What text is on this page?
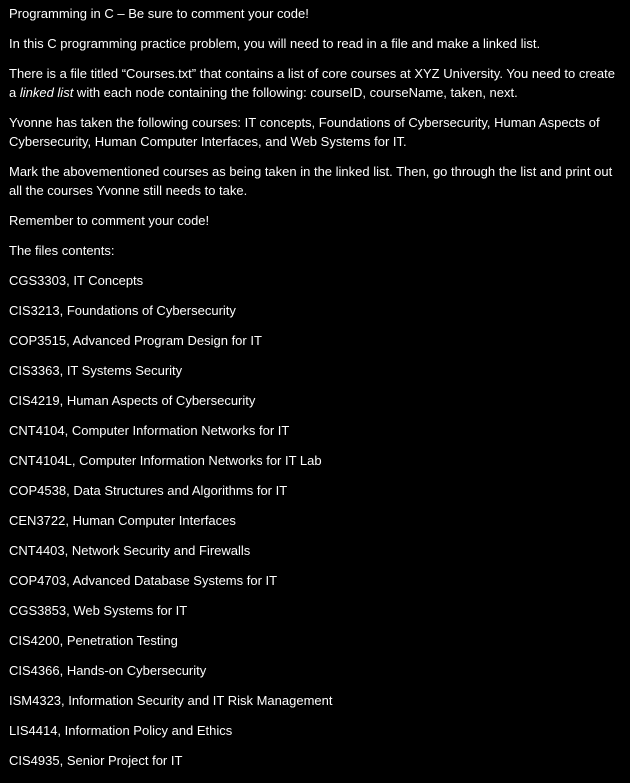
Programming in C – Be sure to comment your code!
In this C programming practice problem, you will need to read in a file and make a linked list.
There is a file titled “Courses.txt” that contains a list of core courses at XYZ University. You need to create a linked list with each node containing the following: courseID, courseName, taken, next.
Yvonne has taken the following courses: IT concepts, Foundations of Cybersecurity, Human Aspects of Cybersecurity, Human Computer Interfaces, and Web Systems for IT.
Mark the abovementioned courses as being taken in the linked list. Then, go through the list and print out all the courses Yvonne still needs to take.
Remember to comment your code!
The files contents:
CGS3303, IT Concepts
CIS3213, Foundations of Cybersecurity
COP3515, Advanced Program Design for IT
CIS3363, IT Systems Security
CIS4219, Human Aspects of Cybersecurity
CNT4104, Computer Information Networks for IT
CNT4104L, Computer Information Networks for IT Lab
COP4538, Data Structures and Algorithms for IT
CEN3722, Human Computer Interfaces
CNT4403, Network Security and Firewalls
COP4703, Advanced Database Systems for IT
CGS3853, Web Systems for IT
CIS4200, Penetration Testing
CIS4366, Hands-on Cybersecurity
ISM4323, Information Security and IT Risk Management
LIS4414, Information Policy and Ethics
CIS4935, Senior Project for IT
